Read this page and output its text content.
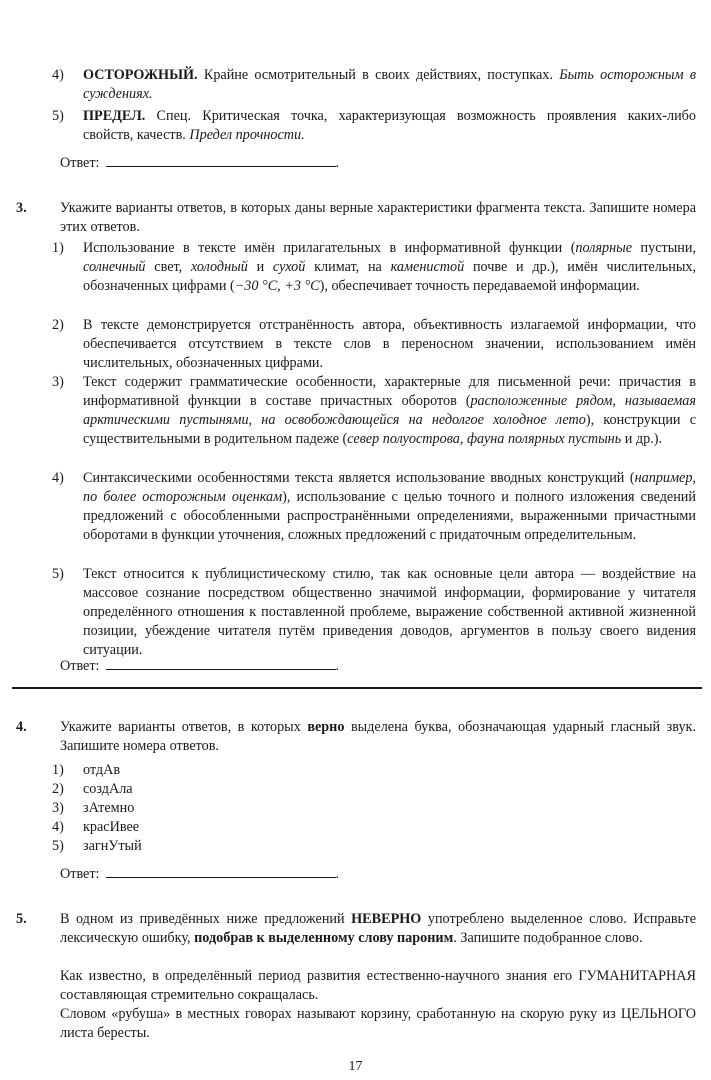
4)	ОСТОРОЖНЫЙ. Крайне осмотрительный в своих действиях, поступках. Быть осторожным в суждениях.
5)	ПРЕДЕЛ. Спец. Критическая точка, характеризующая возможность проявления каких-либо свойств, качеств. Предел прочности.
Ответ:	.
3. Укажите варианты ответов, в которых даны верные характеристики фрагмента текста. Запишите номера этих ответов.
1)	Использование в тексте имён прилагательных в информативной функции (полярные пустыни, солнечный свет, холодный и сухой климат, на каменистой почве и др.), имён числительных, обозначенных цифрами (−30 °С, +3 °С), обеспечивает точность передаваемой информации.
2)	В тексте демонстрируется отстранённость автора, объективность излагаемой информации, что обеспечивается отсутствием в тексте слов в переносном значении, использованием имён числительных, обозначенных цифрами.
3)	Текст содержит грамматические особенности, характерные для письменной речи: причастия в информативной функции в составе причастных оборотов (расположенные рядом, называемая арктическими пустынями, на освобождающейся на недолгое холодное лето), конструкции с существительными в родительном падеже (север полуострова, фауна полярных пустынь и др.).
4)	Синтаксическими особенностями текста является использование вводных конструкций (например, по более осторожным оценкам), использование с целью точного и полного изложения сведений предложений с обособленными распространёнными определениями, выраженными причастными оборотами в функции уточнения, сложных предложений с придаточным определительным.
5)	Текст относится к публицистическому стилю, так как основные цели автора — воздействие на массовое сознание посредством общественно значимой информации, формирование у читателя определённого отношения к поставленной проблеме, выражение собственной активной жизненной позиции, убеждение читателя путём приведения доводов, аргументов в пользу своего видения ситуации.
Ответ:	.
4. Укажите варианты ответов, в которых верно выделена буква, обозначающая ударный гласный звук. Запишите номера ответов.
1)	отдАв
2)	создАла
3)	зАтемно
4)	красИвее
5)	загнУтый
Ответ:	.
5. В одном из приведённых ниже предложений НЕВЕРНО употреблено выделенное слово. Исправьте лексическую ошибку, подобрав к выделенному слову пароним. Запишите подобранное слово.
Как известно, в определённый период развития естественно-научного знания его ГУМАНИТАРНАЯ составляющая стремительно сокращалась.
Словом «рубуша» в местных говорах называют корзину, сработанную на скорую руку из ЦЕЛЬНОГО листа бересты.
17
